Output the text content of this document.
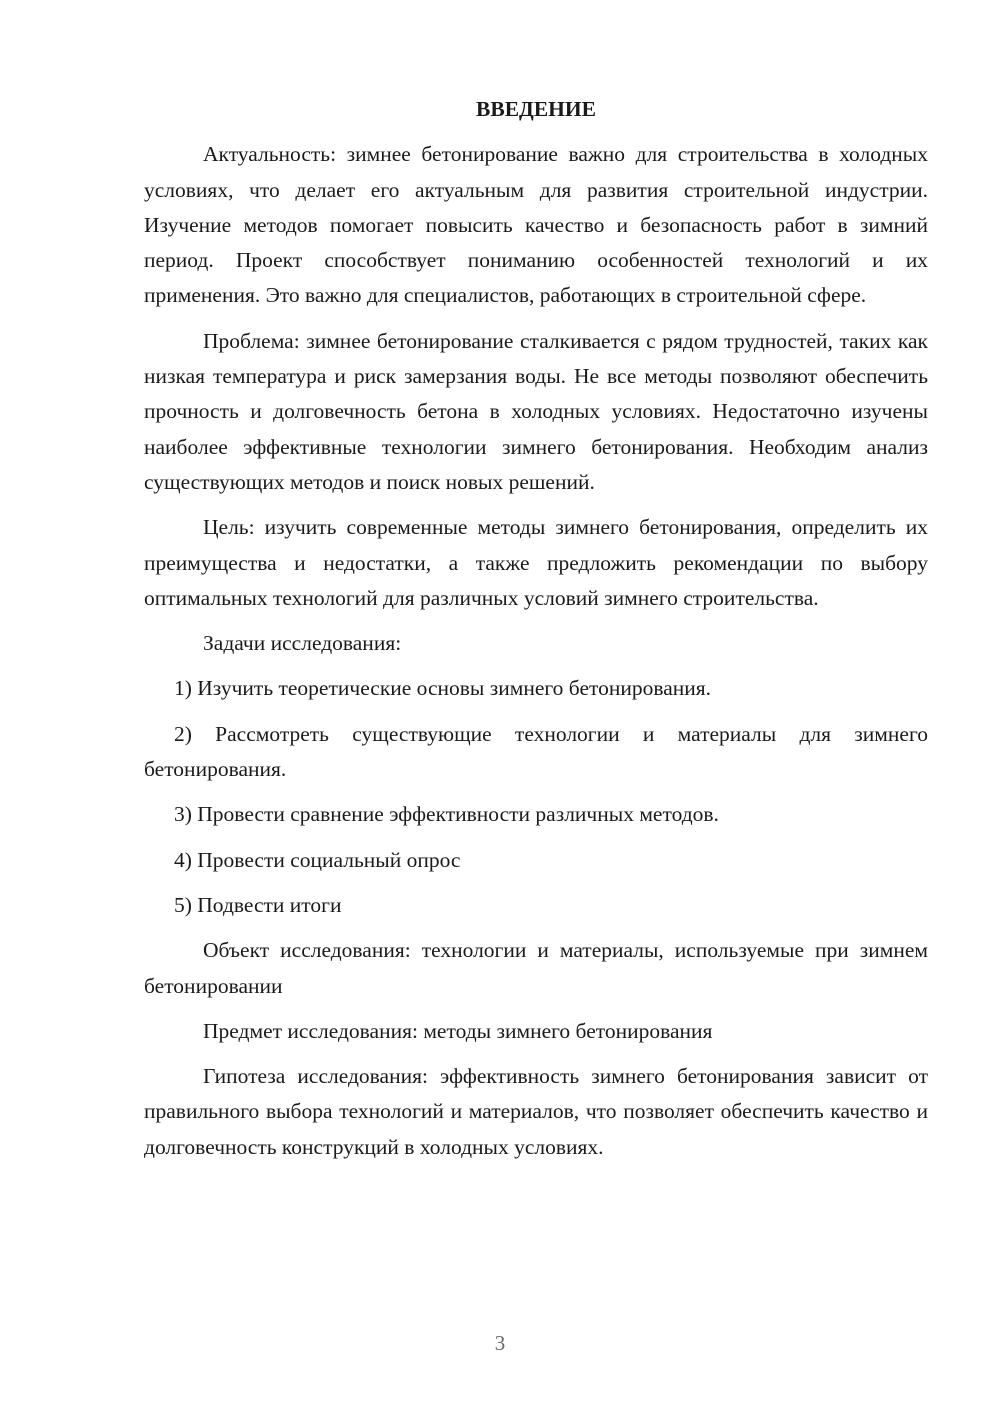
ВВЕДЕНИЕ
Актуальность: зимнее бетонирование важно для строительства в холодных условиях, что делает его актуальным для развития строительной индустрии. Изучение методов помогает повысить качество и безопасность работ в зимний период. Проект способствует пониманию особенностей технологий и их применения. Это важно для специалистов, работающих в строительной сфере.
Проблема: зимнее бетонирование сталкивается с рядом трудностей, таких как низкая температура и риск замерзания воды. Не все методы позволяют обеспечить прочность и долговечность бетона в холодных условиях. Недостаточно изучены наиболее эффективные технологии зимнего бетонирования. Необходим анализ существующих методов и поиск новых решений.
Цель: изучить современные методы зимнего бетонирования, определить их преимущества и недостатки, а также предложить рекомендации по выбору оптимальных технологий для различных условий зимнего строительства.
Задачи исследования:
1) Изучить теоретические основы зимнего бетонирования.
2) Рассмотреть существующие технологии и материалы для зимнего бетонирования.
3) Провести сравнение эффективности различных методов.
4) Провести социальный опрос
5) Подвести итоги
Объект исследования: технологии и материалы, используемые при зимнем бетонировании
Предмет исследования: методы зимнего бетонирования
Гипотеза исследования: эффективность зимнего бетонирования зависит от правильного выбора технологий и материалов, что позволяет обеспечить качество и долговечность конструкций в холодных условиях.
3
